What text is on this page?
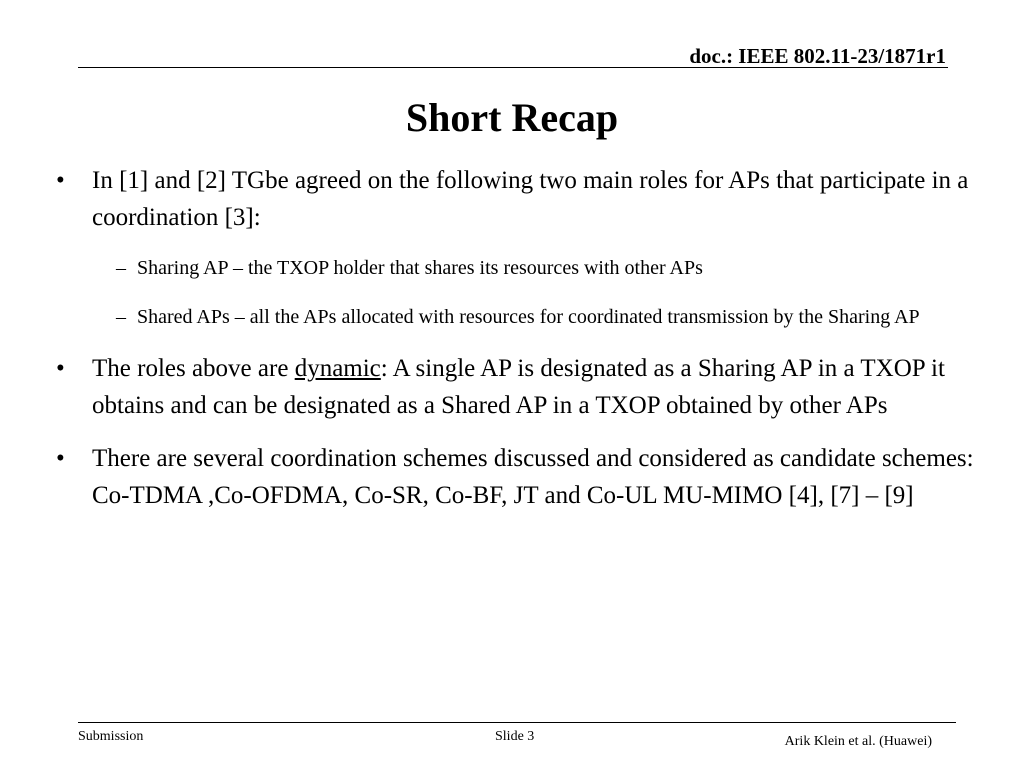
doc.: IEEE 802.11-23/1871r1
Short Recap
• In [1] and [2] TGbe agreed on the following two main roles for APs that participate in a coordination [3]:
– Sharing AP – the TXOP holder that shares its resources with other APs
– Shared APs – all the APs allocated with resources for coordinated transmission by the Sharing AP
• The roles above are dynamic: A single AP is designated as a Sharing AP in a TXOP it obtains and can be designated as a Shared AP in a TXOP obtained by other APs
• There are several coordination schemes discussed and considered as candidate schemes: Co-TDMA ,Co-OFDMA, Co-SR, Co-BF, JT and Co-UL MU-MIMO [4], [7] – [9]
Submission	Slide 3	Arik Klein et al. (Huawei)
